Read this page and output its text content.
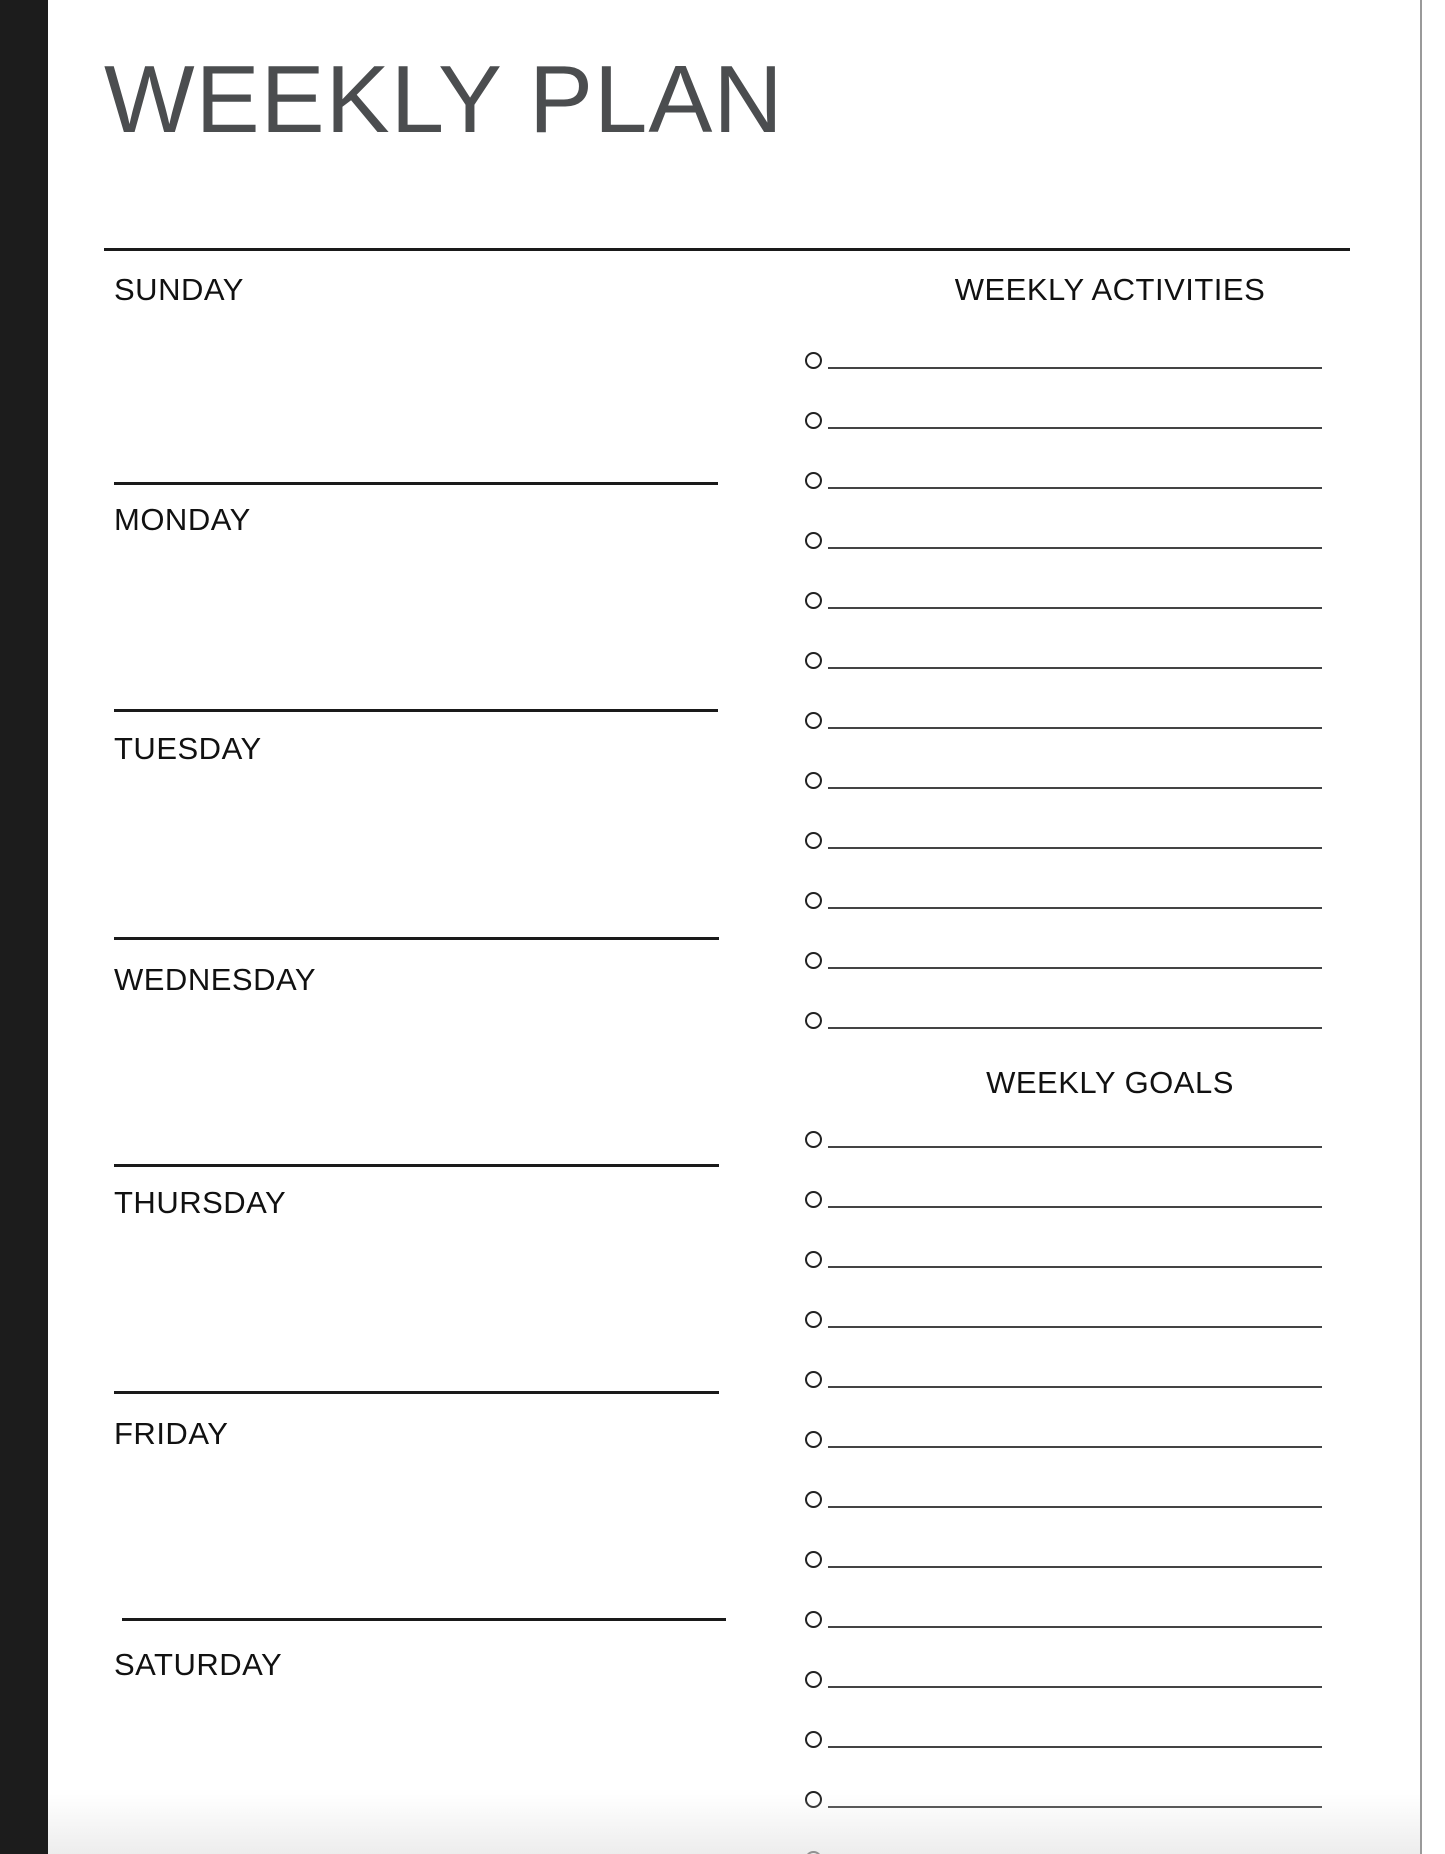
WEEKLY PLAN
SUNDAY
MONDAY
TUESDAY
WEDNESDAY
THURSDAY
FRIDAY
SATURDAY
WEEKLY ACTIVITIES
WEEKLY GOALS
